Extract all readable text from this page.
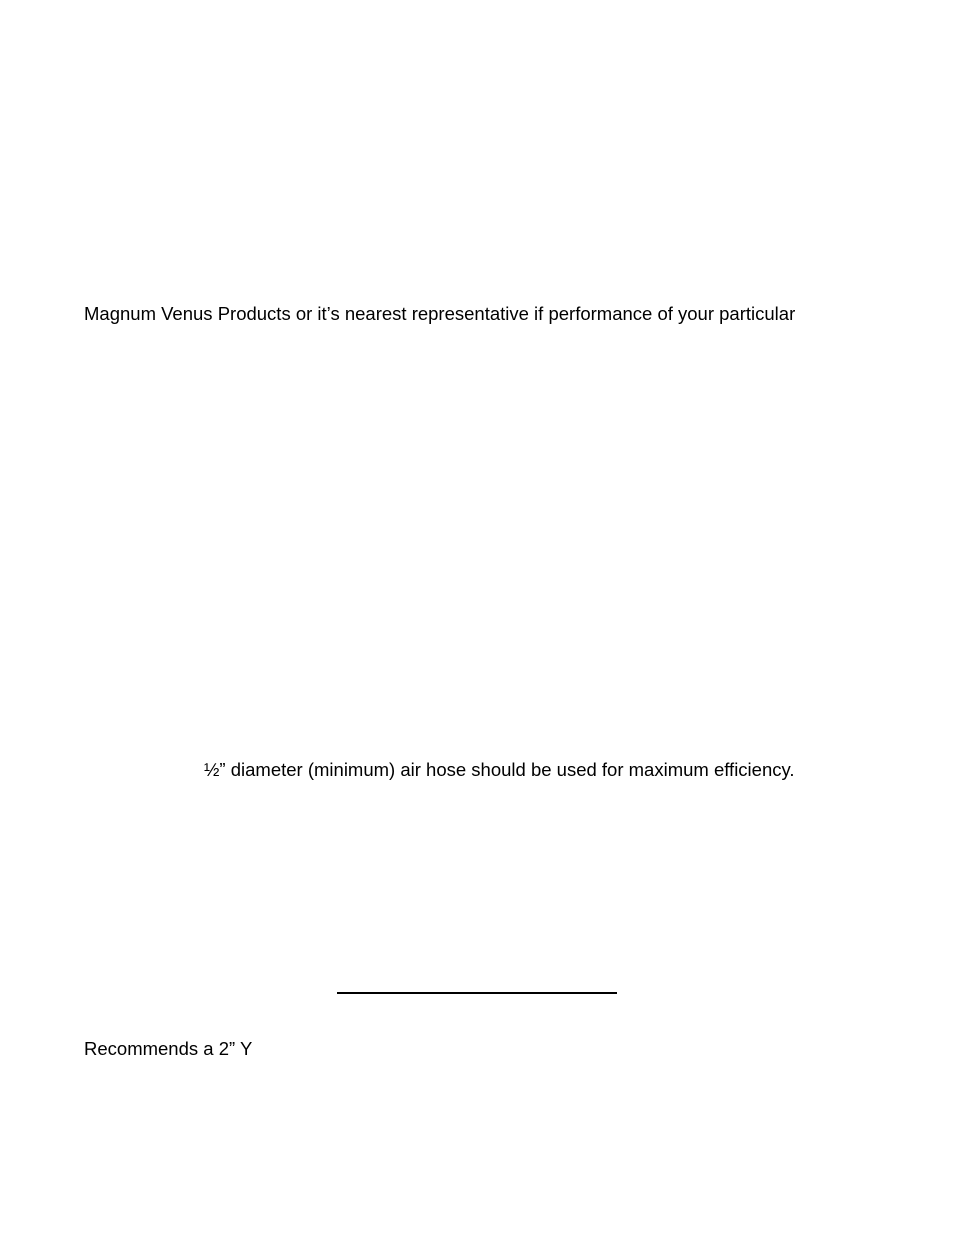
Magnum Venus Products or it’s nearest representative if performance of your particular
½” diameter (minimum) air hose should be used for maximum efficiency.
Recommends a 2” Y
